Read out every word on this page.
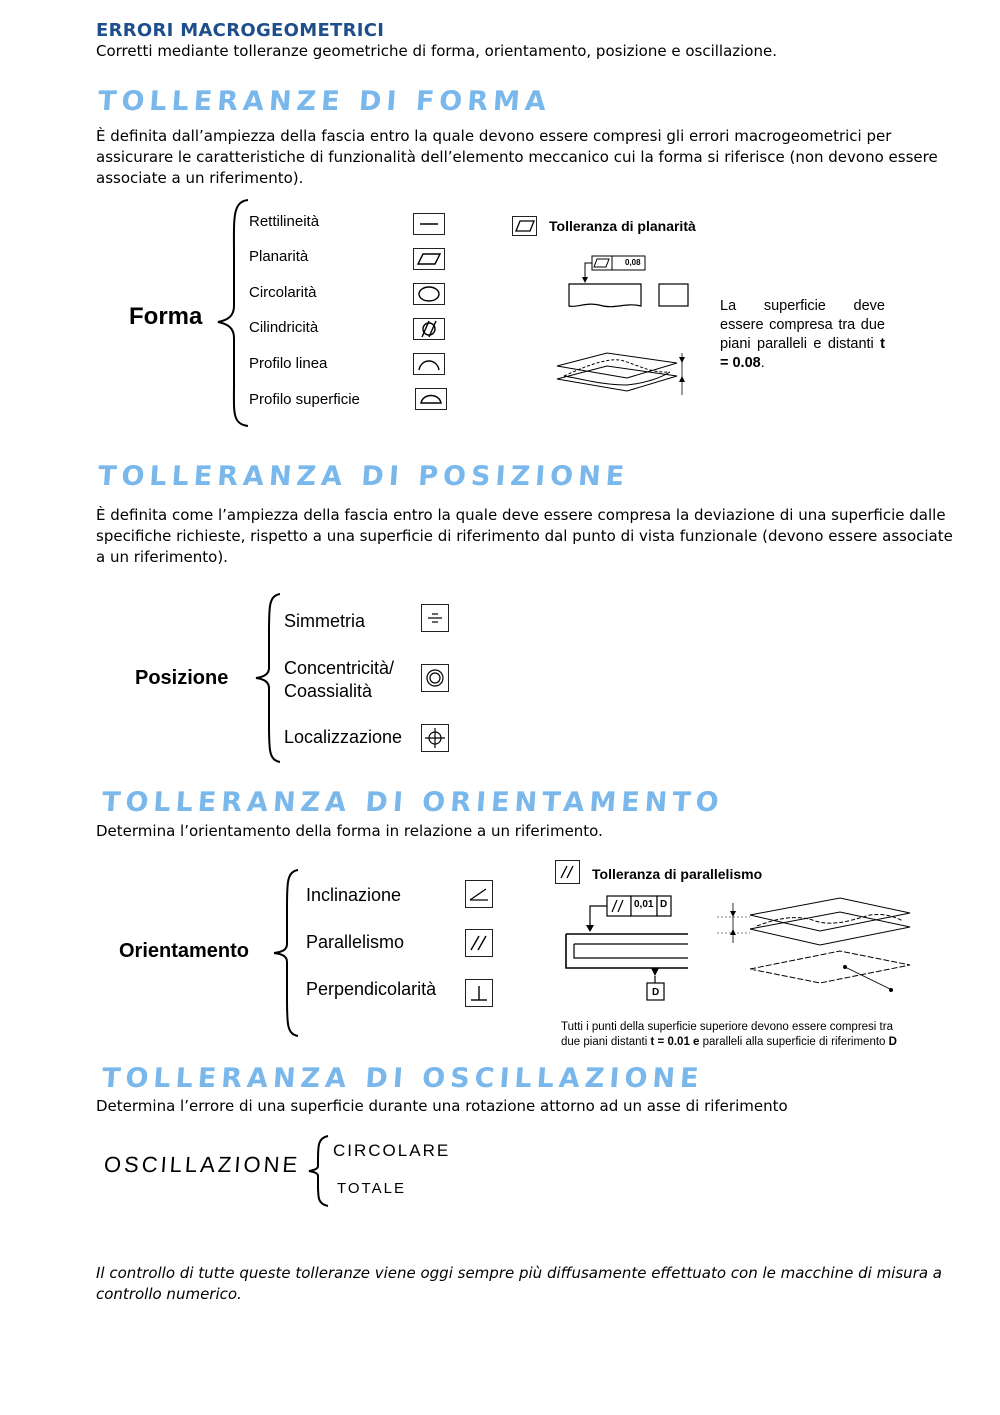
ERRORI MACROGEOMETRICI
Corretti mediante tolleranze geometriche di forma, orientamento, posizione e oscillazione.
TOLLERANZE DI FORMA
È definita dall’ampiezza della fascia entro la quale devono essere compresi gli errori macrogeometrici per assicurare le caratteristiche di funzionalità dell’elemento meccanico cui la forma si riferisce (non devono essere associate a un riferimento).
Forma
Rettilineità
Planarità
Circolarità
Cilindricità
Profilo linea
Profilo superficie
Tolleranza di planarità
0,08
La superficie deve essere compresa tra due piani paralleli e distanti t = 0.08.
TOLLERANZA DI POSIZIONE
È definita come l’ampiezza della fascia entro la quale deve essere compresa la deviazione di una superficie dalle specifiche richieste, rispetto a una superficie di riferimento dal punto di vista funzionale (devono essere associate a un riferimento).
Posizione
Simmetria
Concentricità/
Coassialità
Localizzazione
TOLLERANZA DI ORIENTAMENTO
Determina l’orientamento della forma in relazione a un riferimento.
Orientamento
Inclinazione
Parallelismo
Perpendicolarità
Tolleranza di parallelismo
0,01 D
D
Tutti i punti della superficie superiore devono essere compresi tra
due piani distanti t = 0.01 e paralleli alla superficie di riferimento D
TOLLERANZA DI OSCILLAZIONE
Determina l’errore di una superficie durante una rotazione attorno ad un asse di riferimento
OSCILLAZIONE
CIRCOLARE
TOTALE
Il controllo di tutte queste tolleranze viene oggi sempre più diffusamente effettuato con le macchine di misura a controllo numerico.
